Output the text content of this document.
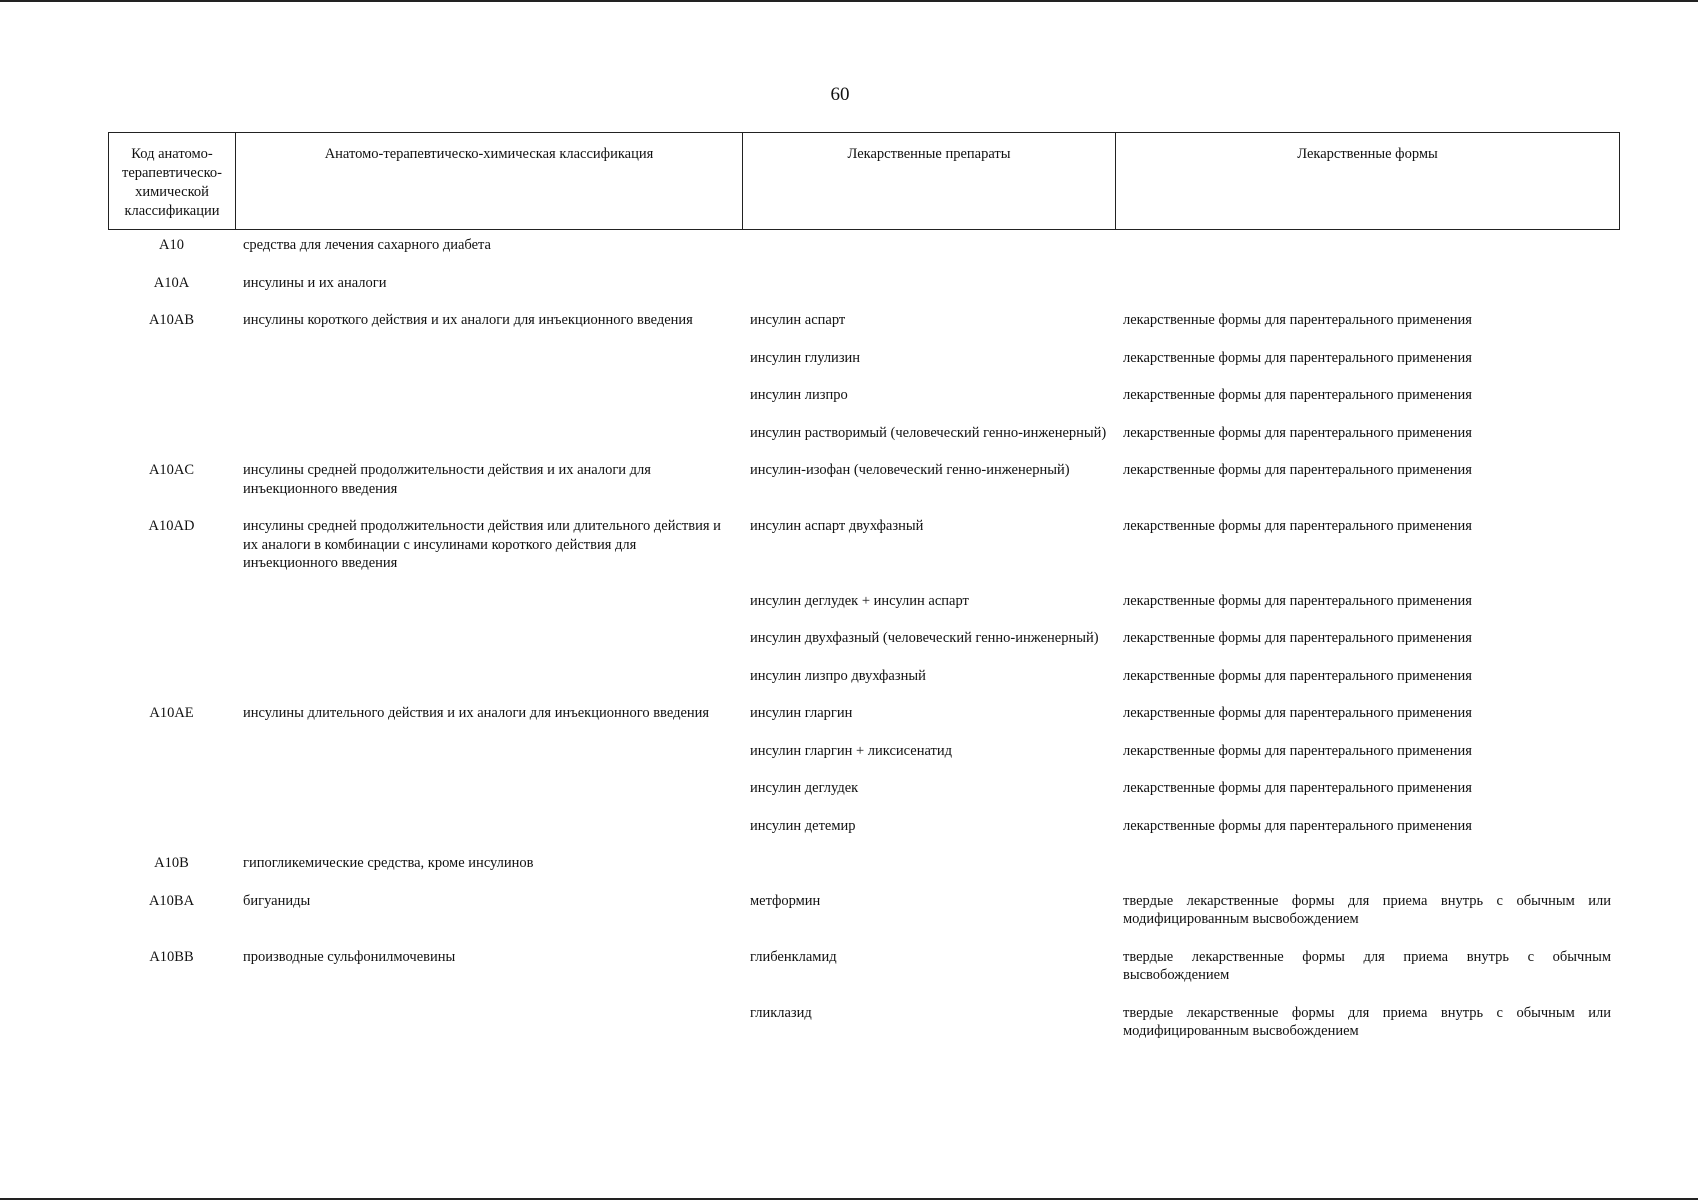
60
Код анатомо-терапевтическо-химической классификации	Анатомо-терапевтическо-химическая классификация	Лекарственные препараты	Лекарственные формы
A10	средства для лечения сахарного диабета		
A10A	инсулины и их аналоги		
A10AB	инсулины короткого действия и их аналоги для инъекционного введения	инсулин аспарт	лекарственные формы для парентерального применения
		инсулин глулизин	лекарственные формы для парентерального применения
		инсулин лизпро	лекарственные формы для парентерального применения
		инсулин растворимый (человеческий генно-инженерный)	лекарственные формы для парентерального применения
A10AC	инсулины средней продолжительности действия и их аналоги для инъекционного введения	инсулин-изофан (человеческий генно-инженерный)	лекарственные формы для парентерального применения
A10AD	инсулины средней продолжительности действия или длительного действия и их аналоги в комбинации с инсулинами короткого действия для инъекционного введения	инсулин аспарт двухфазный	лекарственные формы для парентерального применения
		инсулин деглудек + инсулин аспарт	лекарственные формы для парентерального применения
		инсулин двухфазный (человеческий генно-инженерный)	лекарственные формы для парентерального применения
		инсулин лизпро двухфазный	лекарственные формы для парентерального применения
A10AE	инсулины длительного действия и их аналоги для инъекционного введения	инсулин гларгин	лекарственные формы для парентерального применения
		инсулин гларгин + ликсисенатид	лекарственные формы для парентерального применения
		инсулин деглудек	лекарственные формы для парентерального применения
		инсулин детемир	лекарственные формы для парентерального применения
A10B	гипогликемические средства, кроме инсулинов		
A10BA	бигуаниды	метформин	твердые лекарственные формы для приема внутрь с обычным или модифицированным высвобождением
A10BB	производные сульфонилмочевины	глибенкламид	твердые лекарственные формы для приема внутрь с обычным высвобождением
		гликлазид	твердые лекарственные формы для приема внутрь с обычным или модифицированным высвобождением
